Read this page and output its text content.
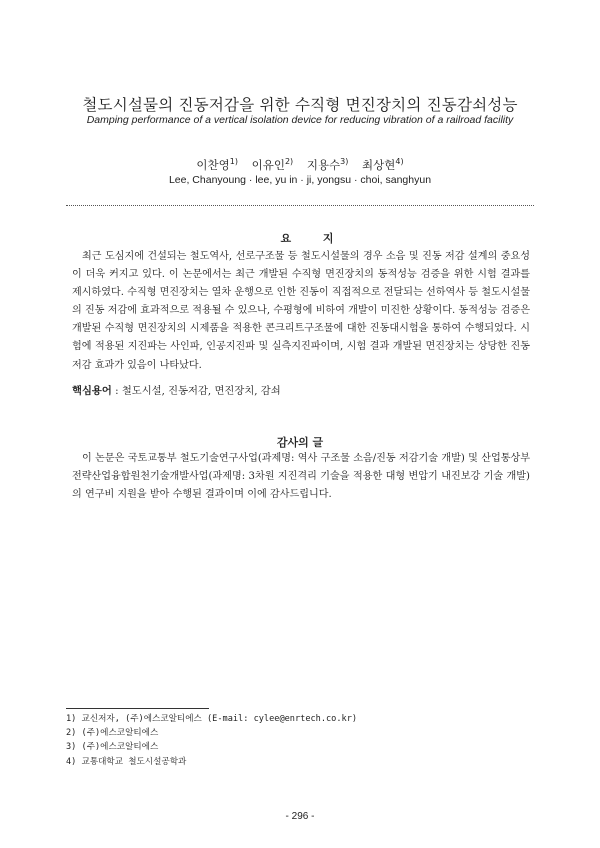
철도시설물의 진동저감을 위한 수직형 면진장치의 진동감쇠성능
Damping performance of a vertical isolation device for reducing vibration of a railroad facility
이찬영$^{1)}$ 이유인$^{2)}$ 지용수$^{3)}$ 최상현$^{4)}$
Lee, Chanyoung · lee, yu in · ji, yongsu · choi, sanghyun
요 지
최근 도심지에 건설되는 철도역사, 선로구조물 등 철도시설물의 경우 소음 및 진동 저감 설계의 중요성이 더욱 커지고 있다. 이 논문에서는 최근 개발된 수직형 면진장치의 동적성능 검증을 위한 시험 결과를 제시하였다. 수직형 면진장치는 열차 운행으로 인한 진동이 직접적으로 전달되는 선하역사 등 철도시설물의 진동 저감에 효과적으로 적용될 수 있으나, 수평형에 비하여 개발이 미진한 상황이다. 동적성능 검증은 개발된 수직형 면진장치의 시제품을 적용한 콘크리트구조물에 대한 진동대시험을 통하여 수행되었다. 시험에 적용된 지진파는 사인파, 인공지진파 및 실측지진파이며, 시험 결과 개발된 면진장치는 상당한 진동저감 효과가 있음이 나타났다.
핵심용어 : 철도시설, 진동저감, 면진장치, 감쇠
감사의 글
이 논문은 국토교통부 철도기술연구사업(과제명: 역사 구조물 소음/진동 저감기술 개발) 및 산업통상부 전략산업융합원천기술개발사업(과제명: 3차원 지진격리 기술을 적용한 대형 변압기 내진보강 기술 개발)의 연구비 지원을 받아 수행된 결과이며 이에 감사드립니다.
1) 교신저자, (주)에스코알티에스 (E-mail: cylee@enrtech.co.kr)
2) (주)에스코알티에스
3) (주)에스코알티에스
4) 교통대학교 철도시설공학과
- 296 -
